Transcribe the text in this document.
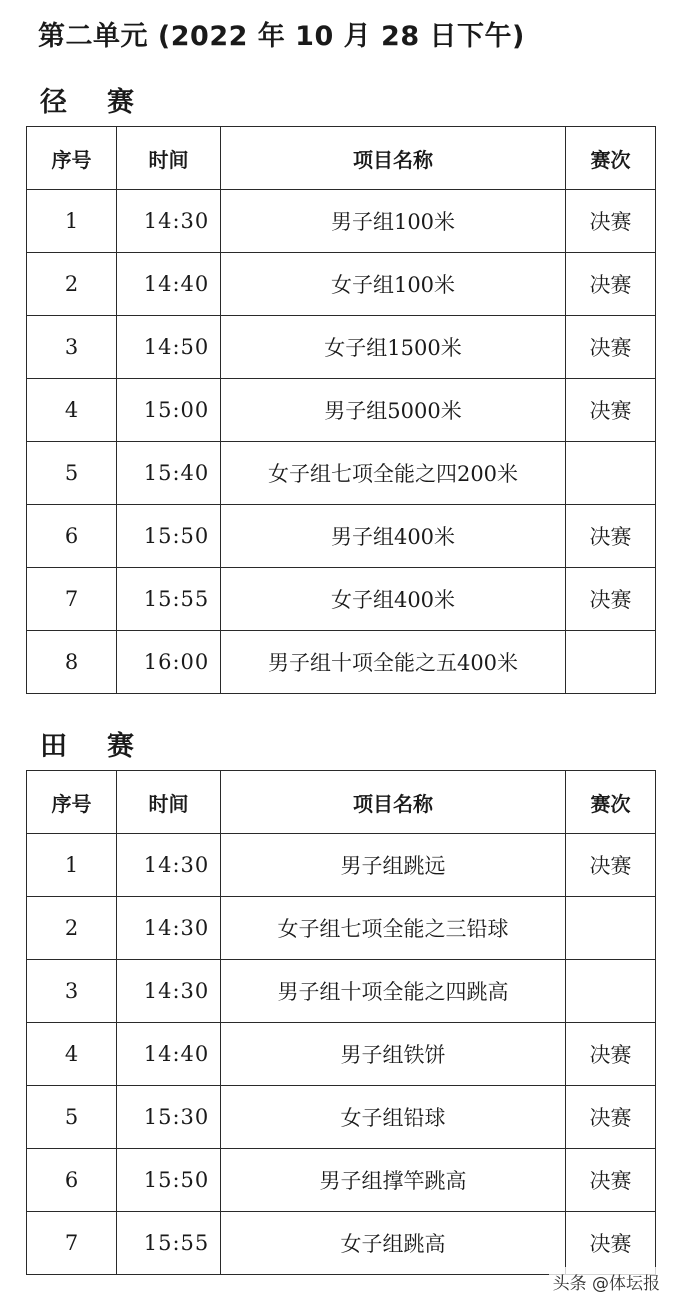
第二单元 (2022 年 10 月 28 日下午)
径赛
序号	时间	项目名称	赛次
1	14:30	男子组100米	决赛
2	14:40	女子组100米	决赛
3	14:50	女子组1500米	决赛
4	15:00	男子组5000米	决赛
5	15:40	女子组七项全能之四200米	
6	15:50	男子组400米	决赛
7	15:55	女子组400米	决赛
8	16:00	男子组十项全能之五400米	
田赛
序号	时间	项目名称	赛次
1	14:30	男子组跳远	决赛
2	14:30	女子组七项全能之三铅球	
3	14:30	男子组十项全能之四跳高	
4	14:40	男子组铁饼	决赛
5	15:30	女子组铅球	决赛
6	15:50	男子组撑竿跳高	决赛
7	15:55	女子组跳高	决赛
头条 @体坛报
